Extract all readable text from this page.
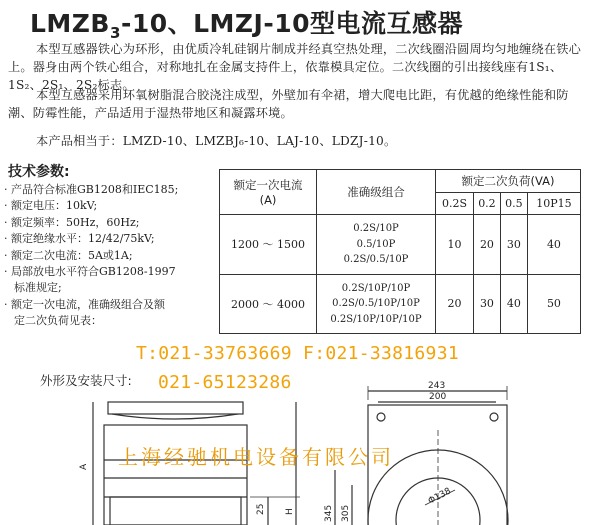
$LMZB_3-10$、LMZJ-10型电流互感器
本型互感器铁心为环形，由优质冷轧硅钢片制成并经真空热处理，二次线圈沿圆周均匀地缠绕在铁心上。器身由两个铁心组合，对称地扎在金属支持件上，依靠模具定位。二次线圈的引出接线座有1S₁、1S₂、2S₁、2S₂标志。
本型互感器采用环氧树脂混合胶浇注成型，外壁加有伞裙，增大爬电比距，有优越的绝缘性能和防潮、防霉性能，产品适用于湿热带地区和凝露环境。
本产品相当于：LMZD-10、LMZBJ₆-10、LAJ-10、LDZJ-10。
技术参数:
· 产品符合标准GB1208和IEC185;
· 额定电压：10kV;
· 额定频率：50Hz，60Hz;
· 额定绝缘水平：12/42/75kV;
· 额定二次电流：5A或1A;
· 局部放电水平符合GB1208-1997
标准规定;
· 额定一次电流，准确级组合及额
定二次负荷见表：
额定一次电流
(A)	准确级组合	额定二次负荷(VA)			
		0.2S	0.2	0.5	10P15
1200 ～ 1500	0.2S/10P
0.5/10P
0.2S/0.5/10P	10	20	30	40
2000 ～ 4000	0.2S/10P/10P
0.2S/0.5/10P/10P
0.2S/10P/10P/10P	20	30	40	50
A
25 H
243
200
Φ138
345 305
外形及安装尺寸:
T:021-33763669 F:021-33816931
021-65123286
上海经驰机电设备有限公司
